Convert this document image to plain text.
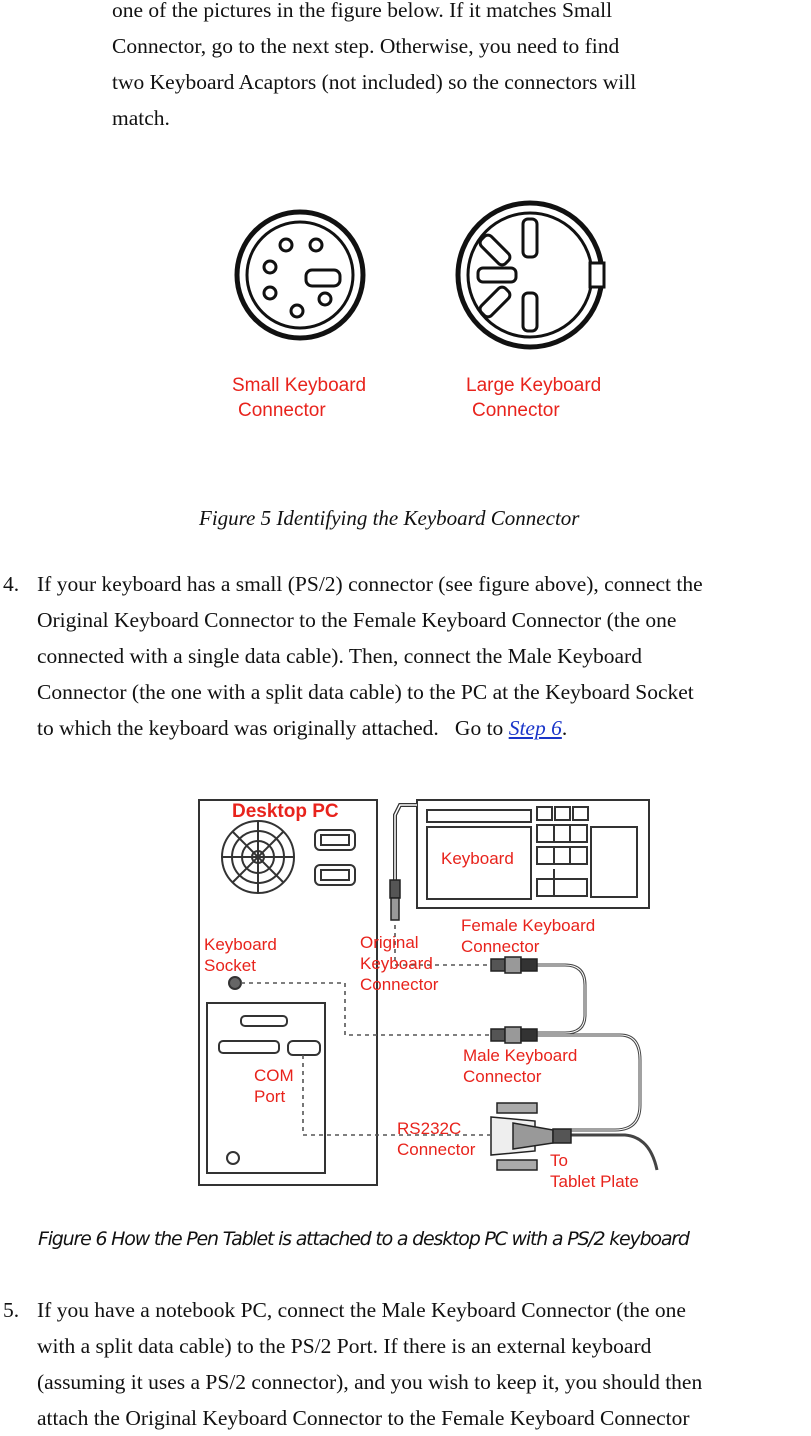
one of the pictures in the figure below. If it matches Small
Connector, go to the next step. Otherwise, you need to find
two Keyboard Acaptors (not included) so the connectors will
match.
Small Keyboard
Connector
Large Keyboard
Connector
Figure 5 Identifying the Keyboard Connector
4. If your keyboard has a small (PS/2) connector (see figure above), connect the
Original Keyboard Connector to the Female Keyboard Connector (the one
connected with a single data cable). Then, connect the Male Keyboard
Connector (the one with a split data cable) to the PC at the Keyboard Socket
to which the keyboard was originally attached.   Go to Step 6.
Desktop PC
Keyboard
Keyboard
Socket
Original
Keyboard
Connector
Female Keyboard
Connector
Male Keyboard
Connector
COM
Port
RS232C
Connector
To
Tablet Plate
Figure 6 How the Pen Tablet is attached to a desktop PC with a PS/2 keyboard
5. If you have a notebook PC, connect the Male Keyboard Connector (the one
with a split data cable) to the PS/2 Port. If there is an external keyboard
(assuming it uses a PS/2 connector), and you wish to keep it, you should then
attach the Original Keyboard Connector to the Female Keyboard Connector
